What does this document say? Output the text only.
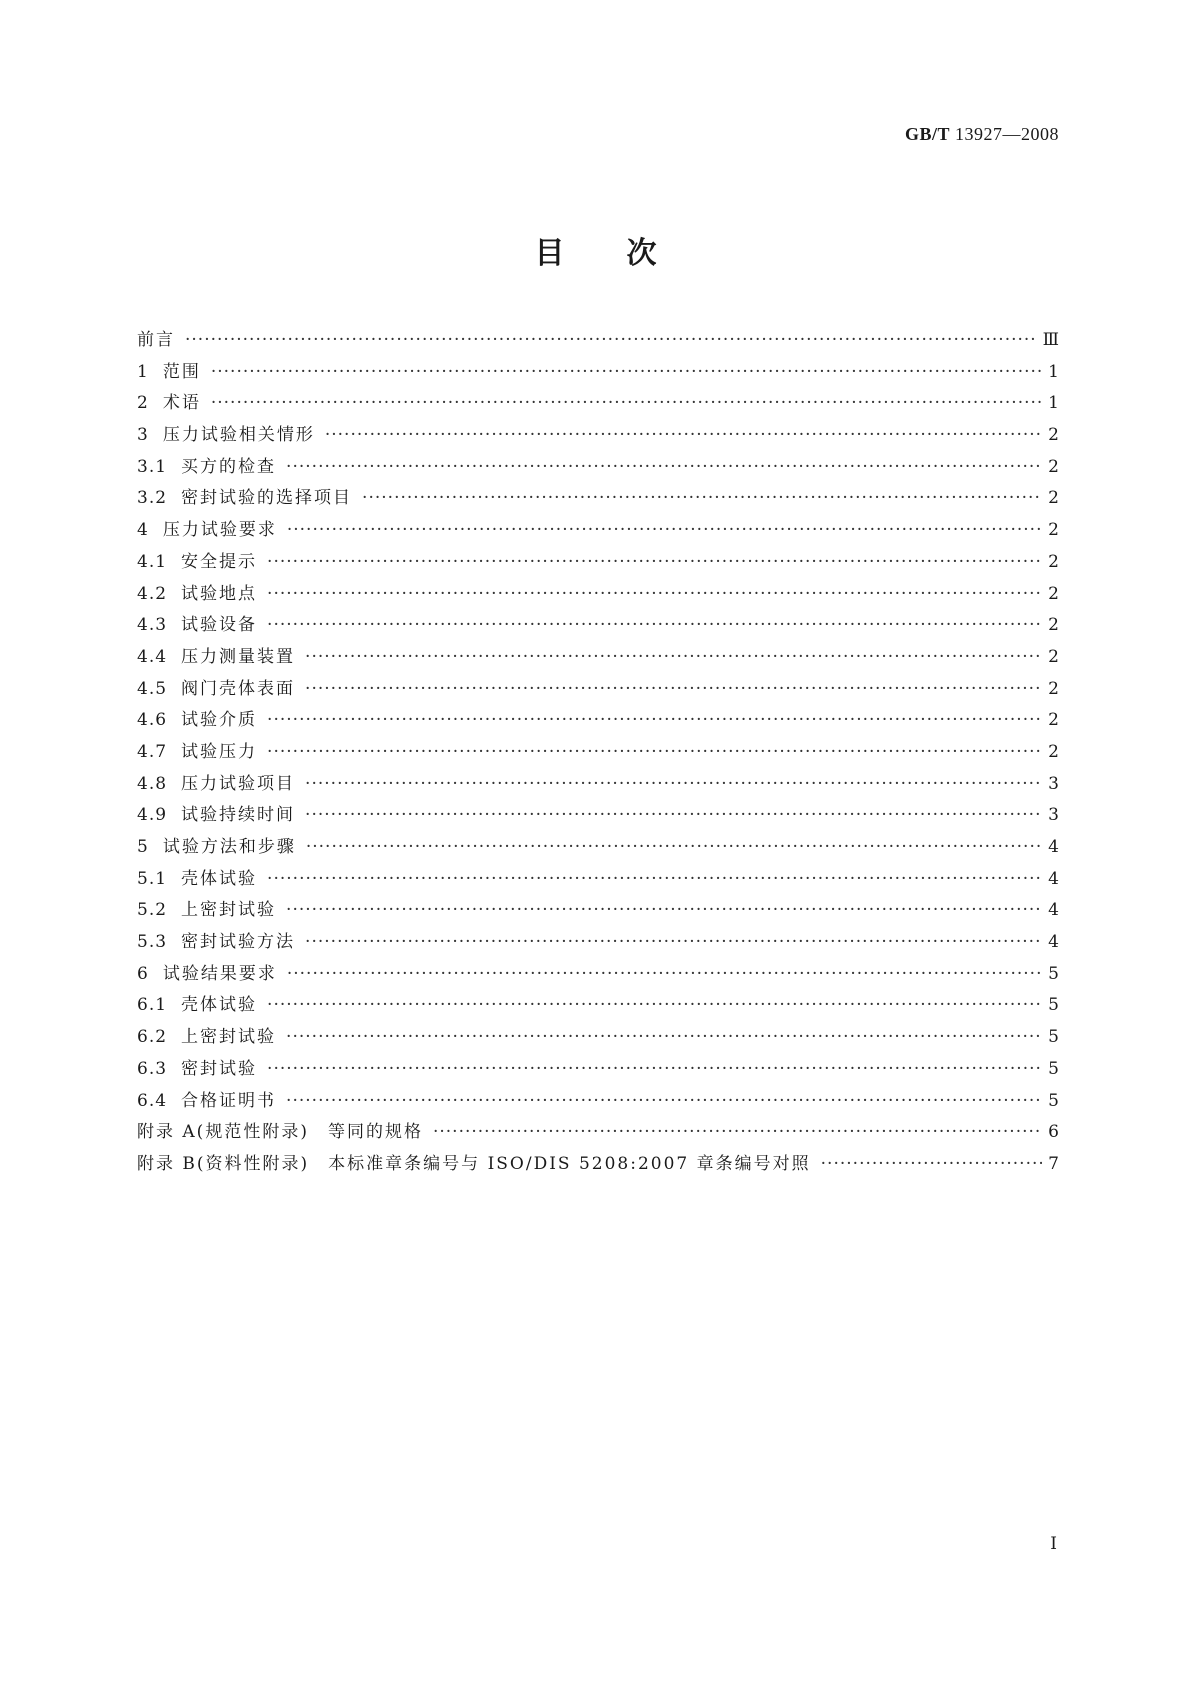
GB/T 13927—2008
目次
前言 ·····	Ⅲ
1 范围 ·····	1
2 术语 ·····	1
3 压力试验相关情形 ·····	2
3.1 买方的检查 ·····	2
3.2 密封试验的选择项目 ·····	2
4 压力试验要求 ·····	2
4.1 安全提示 ·····	2
4.2 试验地点 ·····	2
4.3 试验设备 ·····	2
4.4 压力测量装置 ·····	2
4.5 阀门壳体表面 ·····	2
4.6 试验介质 ·····	2
4.7 试验压力 ·····	2
4.8 压力试验项目 ·····	3
4.9 试验持续时间 ·····	3
5 试验方法和步骤 ·····	4
5.1 壳体试验 ·····	4
5.2 上密封试验 ·····	4
5.3 密封试验方法 ·····	4
6 试验结果要求 ·····	5
6.1 壳体试验 ·····	5
6.2 上密封试验 ·····	5
6.3 密封试验 ·····	5
6.4 合格证明书 ·····	5
附录 A(规范性附录)　等同的规格 ·····	6
附录 B(资料性附录)　本标准章条编号与 ISO/DIS 5208:2007 章条编号对照 ·····	7
I
